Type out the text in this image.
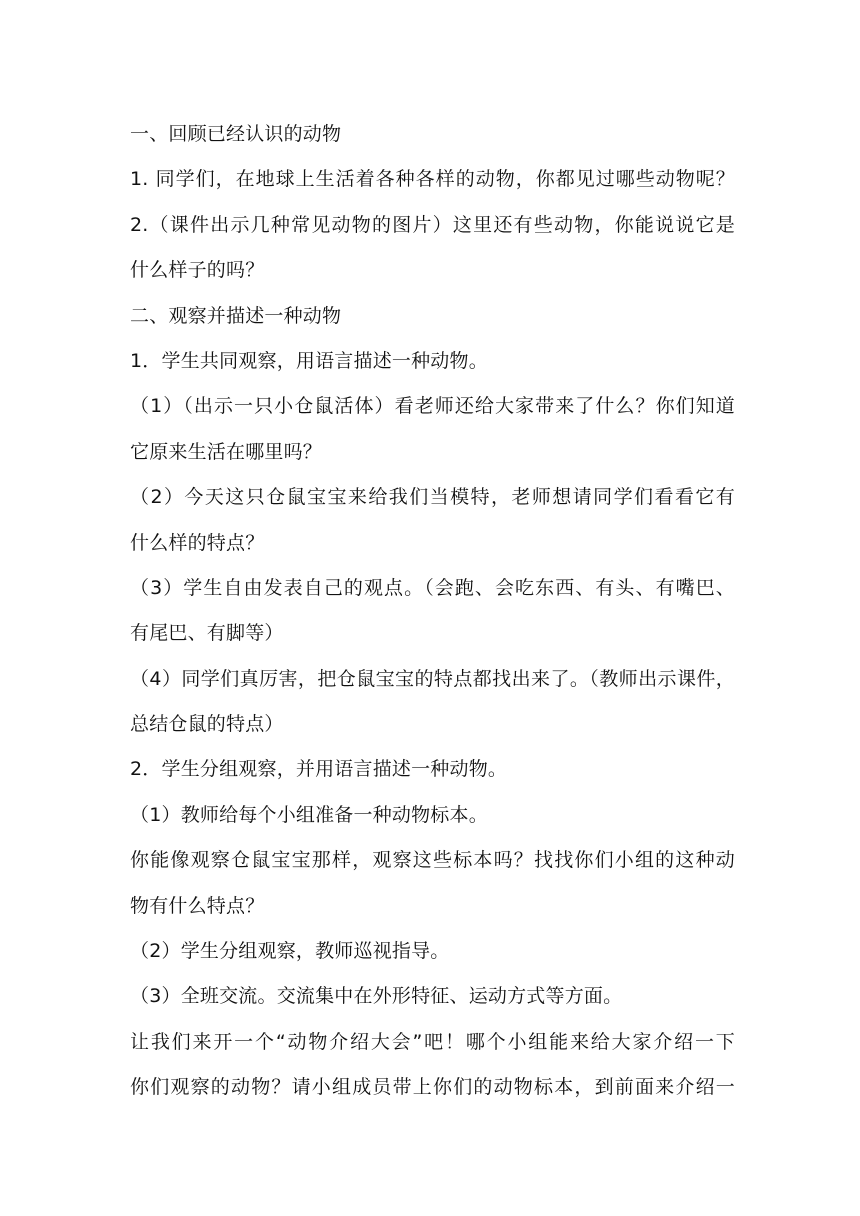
一、回顾已经认识的动物
1. 同学们，在地球上生活着各种各样的动物，你都见过哪些动物呢？
2.（课件出示几种常见动物的图片）这里还有些动物，你能说说它是
什么样子的吗？
二、观察并描述一种动物
1．学生共同观察，用语言描述一种动物。
（1）（出示一只小仓鼠活体）看老师还给大家带来了什么？你们知道
它原来生活在哪里吗？
（2）今天这只仓鼠宝宝来给我们当模特，老师想请同学们看看它有
什么样的特点？
（3）学生自由发表自己的观点。（会跑、会吃东西、有头、有嘴巴、
有尾巴、有脚等）
（4）同学们真厉害，把仓鼠宝宝的特点都找出来了。（教师出示课件，
总结仓鼠的特点）
2．学生分组观察，并用语言描述一种动物。
（1）教师给每个小组准备一种动物标本。
你能像观察仓鼠宝宝那样，观察这些标本吗？找找你们小组的这种动
物有什么特点？
（2）学生分组观察，教师巡视指导。
（3）全班交流。交流集中在外形特征、运动方式等方面。
让我们来开一个“动物介绍大会”吧！哪个小组能来给大家介绍一下
你们观察的动物？请小组成员带上你们的动物标本，到前面来介绍一
